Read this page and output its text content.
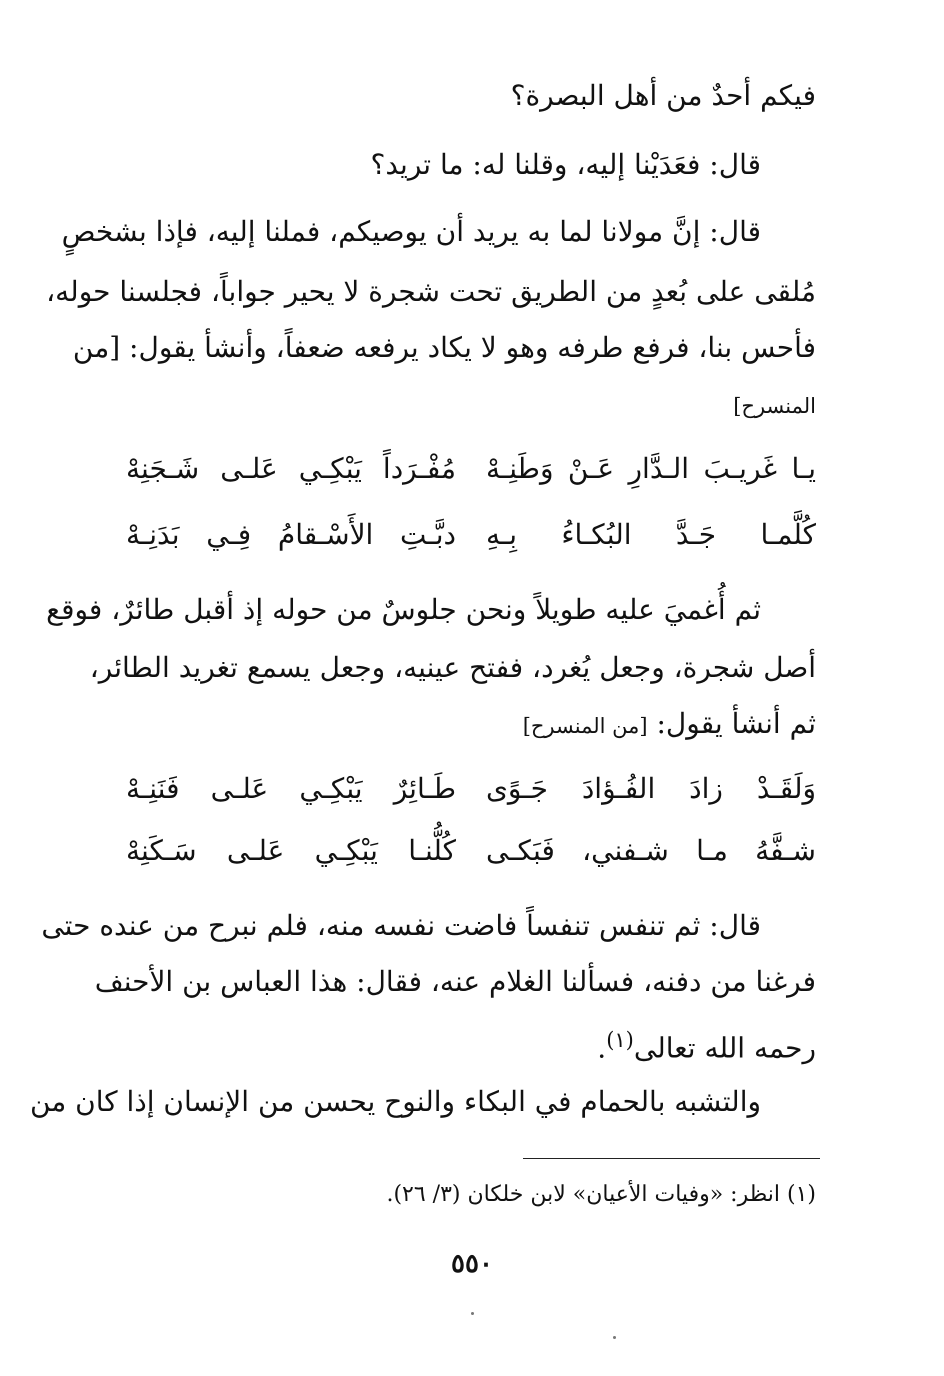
فيكم أحدٌ من أهل البصرة؟
قال: فعَدَيْنا إليه، وقلنا له: ما تريد؟
قال: إنَّ مولانا لما به يريد أن يوصيكم، فملنا إليه، فإذا بشخصٍ
مُلقى على بُعدٍ من الطريق تحت شجرة لا يحير جواباً، فجلسنا حوله،
فأحس بنا، فرفع طرفه وهو لا يكاد يرفعه ضعفاً، وأنشأ يقول: [من
المنسرح]
يـا غَريـبَ الـدَّارِ عَـنْ وَطَنِـهْ
مُفْـرَداً يَبْكِـي عَلـى شَـجَنِهْ
كُلَّمـا جَـدَّ البُكـاءُ بِـهِ
دبَّـتِ الأَسْـقامُ فِـي بَدَنِـهْ
ثم أُغميَ عليه طويلاً ونحن جلوسٌ من حوله إذ أقبل طائرٌ، فوقع
أصل شجرة، وجعل يُغرد، ففتح عينيه، وجعل يسمع تغريد الطائر،
ثم أنشأ يقول: [من المنسرح]
وَلَقَـدْ زادَ الفُـؤادَ جَـوًى
طَـائِرٌ يَبْكِـي عَلـى فَنَنِـهْ
شـفَّهُ مـا شـفني، فَبَكـى
كُلُّنـا يَبْكِـي عَلـى سَـكَنِهْ
قال: ثم تنفس تنفساً فاضت نفسه منه، فلم نبرح من عنده حتى
فرغنا من دفنه، فسألنا الغلام عنه، فقال: هذا العباس بن الأحنف
رحمه الله تعالى$^{(١)}$.
والتشبه بالحمام في البكاء والنوح يحسن من الإنسان إذا كان من
(١) انظر: «وفيات الأعيان» لابن خلكان (٣/ ٢٦).
٥٥٠
